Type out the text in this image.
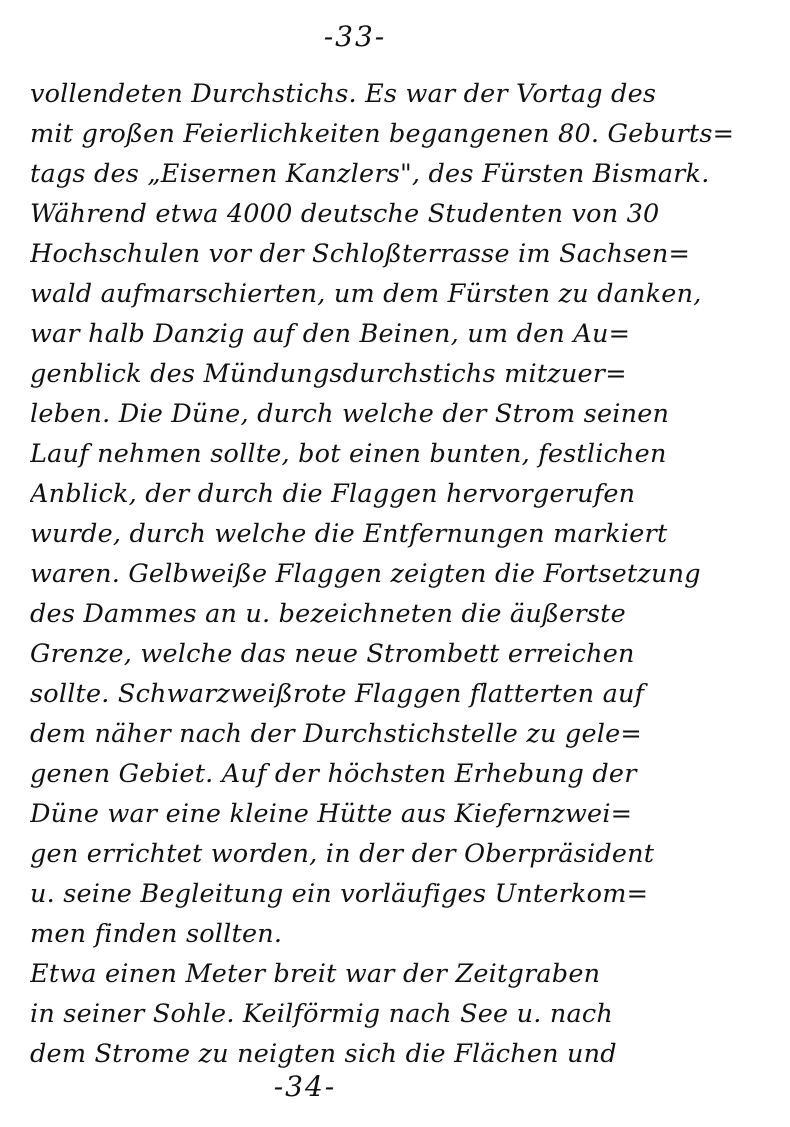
-33-
vollendeten Durchstichs. Es war der Vortag des
mit großen Feierlichkeiten begangenen 80. Geburts=
tags des „Eisernen Kanzlers", des Fürsten Bismark.
Während etwa 4000 deutsche Studenten von 30
Hochschulen vor der Schloßterrasse im Sachsen=
wald aufmarschierten, um dem Fürsten zu danken,
war halb Danzig auf den Beinen, um den Au=
genblick des Mündungsdurchstichs mitzuer=
leben. Die Düne, durch welche der Strom seinen
Lauf nehmen sollte, bot einen bunten, festlichen
Anblick, der durch die Flaggen hervorgerufen
wurde, durch welche die Entfernungen markiert
waren. Gelbweiße Flaggen zeigten die Fortsetzung
des Dammes an u. bezeichneten die äußerste
Grenze, welche das neue Strombett erreichen
sollte. Schwarzweißrote Flaggen flatterten auf
dem näher nach der Durchstichstelle zu gele=
genen Gebiet. Auf der höchsten Erhebung der
Düne war eine kleine Hütte aus Kiefernzwei=
gen errichtet worden, in der der Oberpräsident
u. seine Begleitung ein vorläufiges Unterkom=
men finden sollten.
Etwa einen Meter breit war der Zeitgraben
in seiner Sohle. Keilförmig nach See u. nach
dem Strome zu neigten sich die Flächen und
-34-
